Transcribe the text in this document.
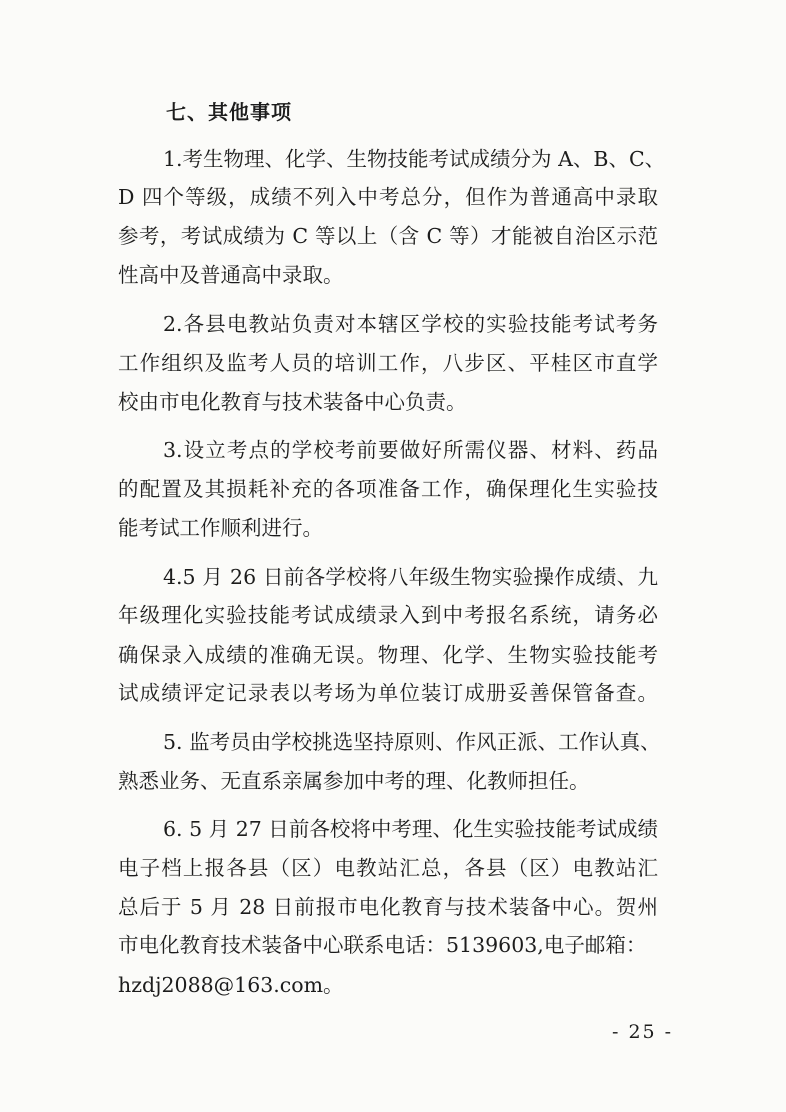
七、其他事项
1.考生物理、化学、生物技能考试成绩分为 A、B、C、
D 四个等级，成绩不列入中考总分，但作为普通高中录取
参考，考试成绩为 C 等以上（含 C 等）才能被自治区示范
性高中及普通高中录取。
2.各县电教站负责对本辖区学校的实验技能考试考务
工作组织及监考人员的培训工作，八步区、平桂区市直学
校由市电化教育与技术装备中心负责。
3.设立考点的学校考前要做好所需仪器、材料、药品
的配置及其损耗补充的各项准备工作，确保理化生实验技
能考试工作顺利进行。
4.5 月 26 日前各学校将八年级生物实验操作成绩、九
年级理化实验技能考试成绩录入到中考报名系统，请务必
确保录入成绩的准确无误。物理、化学、生物实验技能考
试成绩评定记录表以考场为单位装订成册妥善保管备查。
5. 监考员由学校挑选坚持原则、作风正派、工作认真、
熟悉业务、无直系亲属参加中考的理、化教师担任。
6. 5 月 27 日前各校将中考理、化生实验技能考试成绩
电子档上报各县（区）电教站汇总，各县（区）电教站汇
总后于 5 月 28 日前报市电化教育与技术装备中心。贺州
市电化教育技术装备中心联系电话：5139603,电子邮箱：
hzdj2088@163.com。
- 25 -
